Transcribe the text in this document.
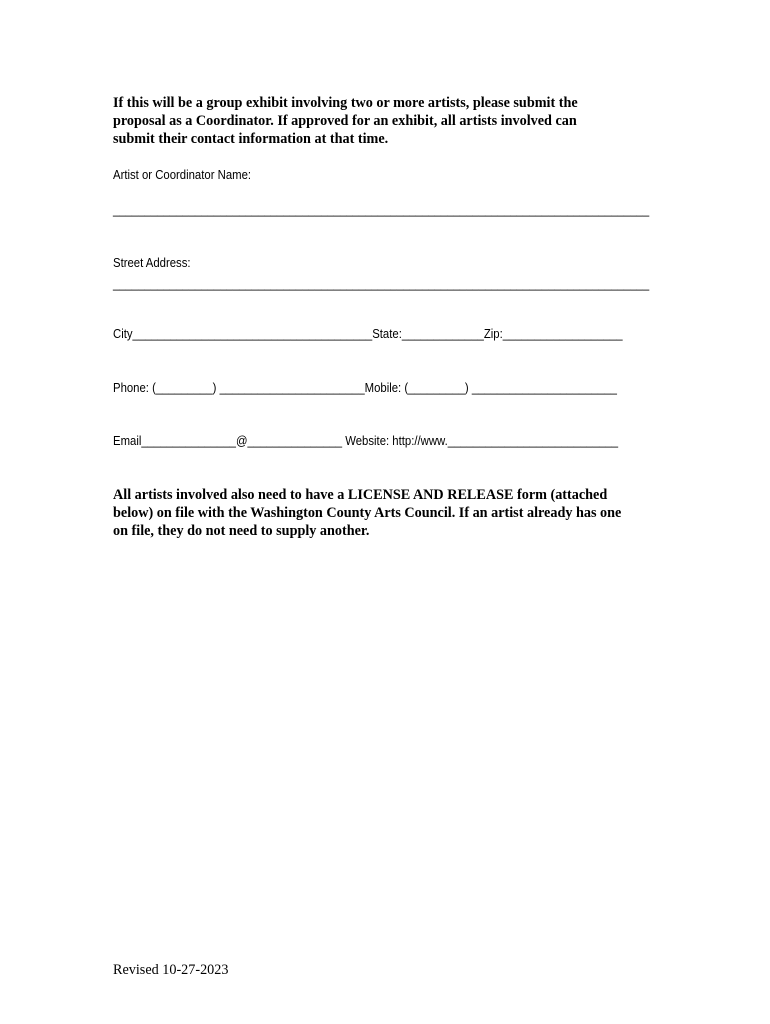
If this will be a group exhibit involving two or more artists, please submit the
proposal as a Coordinator. If approved for an exhibit, all artists involved can
submit their contact information at that time.
Artist or Coordinator Name:
_____________________________________________________________________________________
Street Address:
_____________________________________________________________________________________
City______________________________________State:_____________Zip:___________________
Phone: (_________) _______________________Mobile: (_________) _______________________
Email_______________@_______________ Website: http://www.___________________________
All artists involved also need to have a LICENSE AND RELEASE form (attached
below) on file with the Washington County Arts Council. If an artist already has one
on file, they do not need to supply another.
Revised 10-27-2023
